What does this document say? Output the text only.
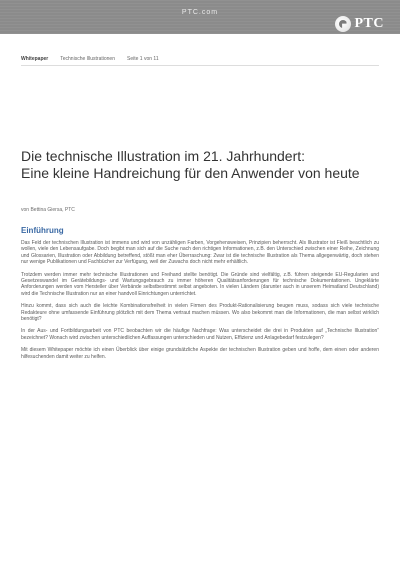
PTC.com
PTC
Whitepaper Technische Illustrationen Seite 1 von 11
Die technische Illustration im 21. Jahrhundert:
Eine kleine Handreichung für den Anwender von heute
von Bettina Giersa, PTC
Einführung

Das Feld der technischen Illustration ist immens und wird von unzähligen Farben, Vorgehensweisen, Prinzipien beherrscht. Als Illustrator ist Fleiß beachtlich zu wollen, viele den Lebensaufgabe. Doch begibt man sich auf die Suche nach den richtigen Informationen, z.B. den Unterschied zwischen einer Reihe, Zeichnung und Glossarien, Illustration oder Abbildung betreffend, stößt man eher Überraschung: Zwar ist die technische Illustration als Thema allgegenwärtig, doch stehen nur wenige Publikationen und Fachbücher zur Verfügung, weil der Zuwachs doch nicht mehr erhältlich.

Trotzdem werden immer mehr technische Illustrationen und Freihand stellte benötigt. Die Gründe sind vielfältig, z.B. führen steigende EU-Regularien und Gesetzeswandel im Gerätebildungs- und Wartungsgebrauch zu immer höheren Qualitätsanforderungen für technische Dokumentationen. Ungeklärte Anforderungen werden vom Hersteller über Verbände selbstbestimmt selbst angeboten. In vielen Ländern (darunter auch in unserem Heimatland Deutschland) wird die Technische Illustration nur an einer handvoll Einrichtungen unterrichtet.

Hinzu kommt, dass sich auch die leichte Kombinationsfreiheit in vielen Firmen des Produkt-Rationalisierung beugen muss, sodass sich viele technische Redakteure ohne umfassende Einführung plötzlich mit dem Thema vertraut machen müssen. Wo also bekommt man die Informationen, die man selbst wirklich benötigt?

In der Aus- und Fortbildungsarbeit von PTC beobachten wir die häufige Nachfrage: Was unterscheidet die drei in Produkten auf „Technische Illustration“ bezeichnet? Wonach wird zwischen unterschiedlichen Auffassungen unterschieden und Nutzen, Effizienz und Anlagebedarf festzulegen?

Mit diesem Whitepaper möchte ich einen Überblick über einige grundsätzliche Aspekte der technischen Illustration geben und hoffe, dem einen oder anderen hilfesuchenden damit weiter zu helfen.
